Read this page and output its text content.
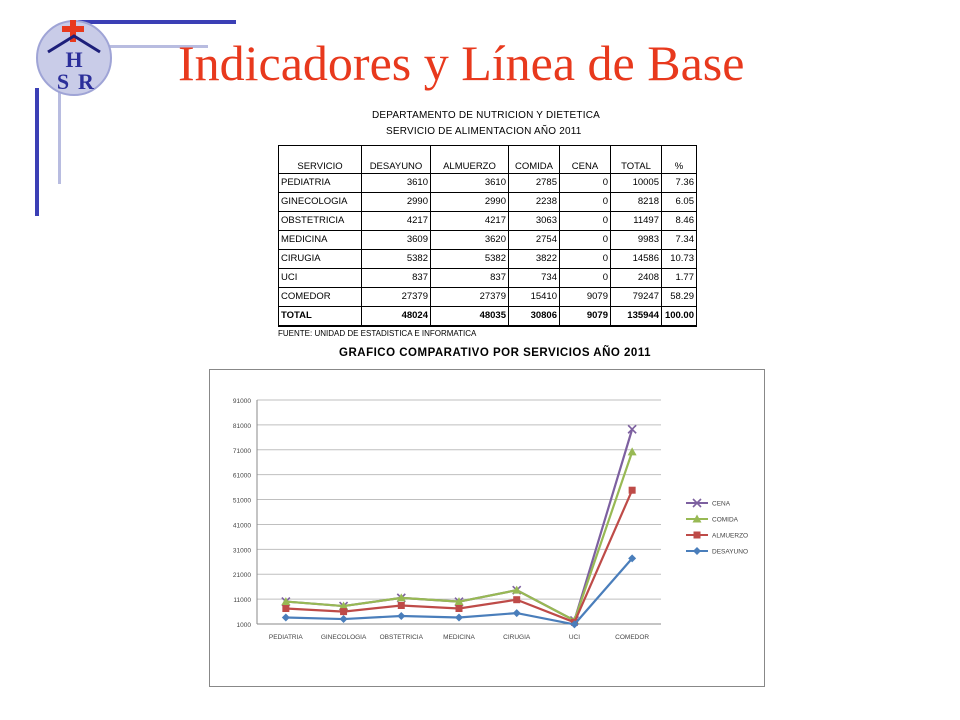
H
S R Indicadores y Línea de Base
DEPARTAMENTO DE NUTRICION Y DIETETICA
SERVICIO DE ALIMENTACION AÑO 2011
SERVICIO	DESAYUNO	ALMUERZO	COMIDA	CENA	TOTAL	%
PEDIATRIA	3610	3610	2785	0	10005	7.36
GINECOLOGIA	2990	2990	2238	0	8218	6.05
OBSTETRICIA	4217	4217	3063	0	11497	8.46
MEDICINA	3609	3620	2754	0	9983	7.34
CIRUGIA	5382	5382	3822	0	14586	10.73
UCI	837	837	734	0	2408	1.77
COMEDOR	27379	27379	15410	9079	79247	58.29
TOTAL	48024	48035	30806	9079	135944	100.00
FUENTE: UNIDAD DE ESTADISTICA E INFORMATICA
GRAFICO COMPARATIVO POR SERVICIOS AÑO 2011
1000
11000
21000
31000
41000
51000
61000
71000
81000
91000
PEDIATRIA	GINECOLOGIA OBSTETRICIA	MEDICINA	CIRUGIA	UCI	COMEDOR
CENA
COMIDA
ALMUERZO
DESAYUNO
